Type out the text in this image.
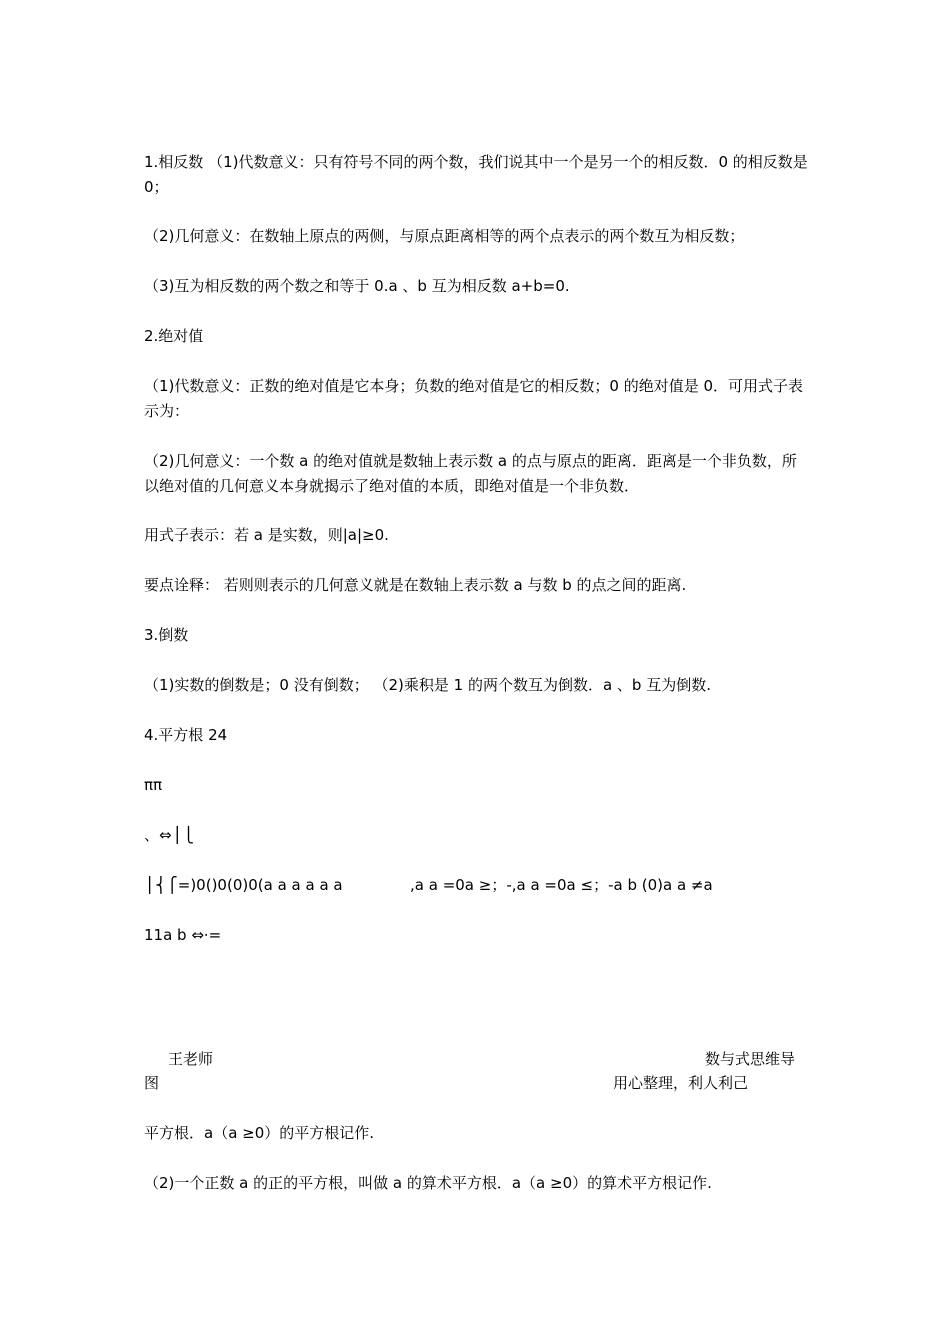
1.相反数 （1)代数意义：只有符号不同的两个数，我们说其中一个是另一个的相反数．0 的相反数是 0；
（2)几何意义：在数轴上原点的两侧，与原点距离相等的两个点表示的两个数互为相反数；
（3)互为相反数的两个数之和等于 0.a 、b 互为相反数 a+b=0.
2.绝对值
（1)代数意义：正数的绝对值是它本身；负数的绝对值是它的相反数；0 的绝对值是 0．可用式子表示为：
（2)几何意义：一个数 a 的绝对值就是数轴上表示数 a 的点与原点的距离．距离是一个非负数，所以绝对值的几何意义本身就揭示了绝对值的本质，即绝对值是一个非负数．
用式子表示：若 a 是实数，则|a|≥0.
要点诠释： 若则则表示的几何意义就是在数轴上表示数 a 与数 b 的点之间的距离.
3.倒数
（1)实数的倒数是；0 没有倒数； （2)乘积是 1 的两个数互为倒数．a 、b 互为倒数.
4.平方根 24
ππ
、⇔⎪⎩
⎪⎨⎧=)0()0(0)0(a a a a a a	,a a =0a ≥；-,a a =0a ≤；-a b (0)a a ≠a
11a b ⇔⋅=
王老师	数与式思维导
图	用心整理，利人利己
平方根．a（a ≥0）的平方根记作.
（2)一个正数 a 的正的平方根，叫做 a 的算术平方根．a（a ≥0）的算术平方根记作.
